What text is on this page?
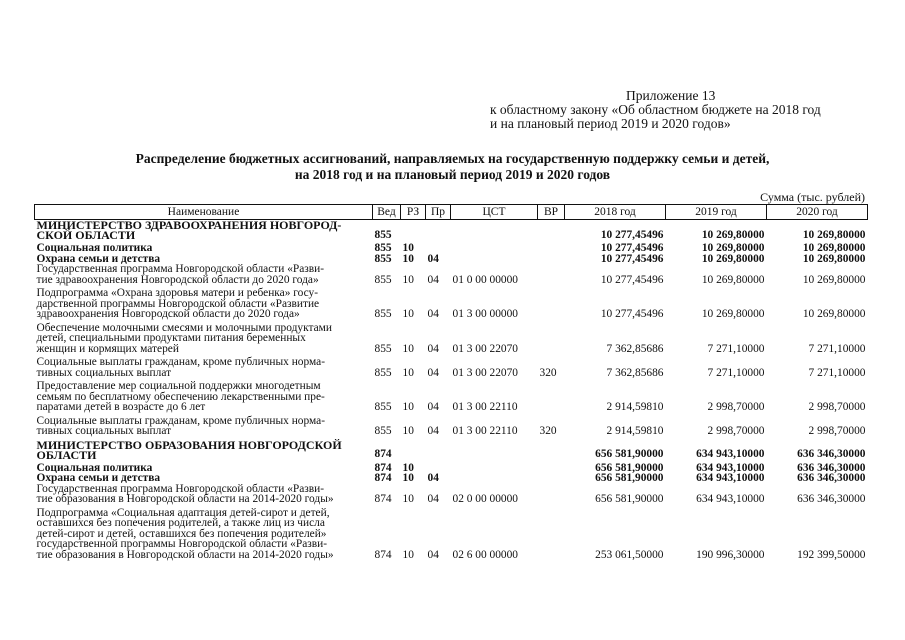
Приложение 13
к областному закону «Об областном бюджете на 2018 год
и на плановый период 2019 и 2020 годов»
Распределение бюджетных ассигнований, направляемых на государственную поддержку семьи и детей,
на 2018 год и на плановый период 2019 и 2020 годов
Сумма (тыс. рублей)
Наименование	Вед	РЗ	Пр	ЦСТ	ВР	2018 год	2019 год	2020 год
МИНИСТЕРСТВО ЗДРАВООХРАНЕНИЯ НОВГОРОД-
СКОЙ ОБЛАСТИ	855					10 277,45496	10 269,80000	10 269,80000
Социальная политика	855	10				10 277,45496	10 269,80000	10 269,80000
Охрана семьи и детства	855	10	04			10 277,45496	10 269,80000	10 269,80000
Государственная программа Новгородской области «Разви-
тие здравоохранения Новгородской области до 2020 года»	855	10	04	01 0 00 00000		10 277,45496	10 269,80000	10 269,80000
Подпрограмма «Охрана здоровья матери и ребенка» госу-
дарственной программы Новгородской области «Развитие
здравоохранения Новгородской области до 2020 года»	855	10	04	01 3 00 00000		10 277,45496	10 269,80000	10 269,80000
Обеспечение молочными смесями и молочными продуктами
детей, специальными продуктами питания беременных
женщин и кормящих матерей	855	10	04	01 3 00 22070		7 362,85686	7 271,10000	7 271,10000
Социальные выплаты гражданам, кроме публичных норма-
тивных социальных выплат	855	10	04	01 3 00 22070	320	7 362,85686	7 271,10000	7 271,10000
Предоставление мер социальной поддержки многодетным
семьям по бесплатному обеспечению лекарственными пре-
паратами детей в возрасте до 6 лет	855	10	04	01 3 00 22110		2 914,59810	2 998,70000	2 998,70000
Социальные выплаты гражданам, кроме публичных норма-
тивных социальных выплат	855	10	04	01 3 00 22110	320	2 914,59810	2 998,70000	2 998,70000
МИНИСТЕРСТВО ОБРАЗОВАНИЯ НОВГОРОДСКОЙ
ОБЛАСТИ	874					656 581,90000	634 943,10000	636 346,30000
Социальная политика	874	10				656 581,90000	634 943,10000	636 346,30000
Охрана семьи и детства	874	10	04			656 581,90000	634 943,10000	636 346,30000
Государственная программа Новгородской области «Разви-
тие образования в Новгородской области на 2014-2020 годы»	874	10	04	02 0 00 00000		656 581,90000	634 943,10000	636 346,30000
Подпрограмма «Социальная адаптация детей-сирот и детей,
оставшихся без попечения родителей, а также лиц из числа
детей-сирот и детей, оставшихся без попечения родителей»
государственной программы Новгородской области «Разви-
тие образования в Новгородской области на 2014-2020 годы»	874	10	04	02 6 00 00000		253 061,50000	190 996,30000	192 399,50000
